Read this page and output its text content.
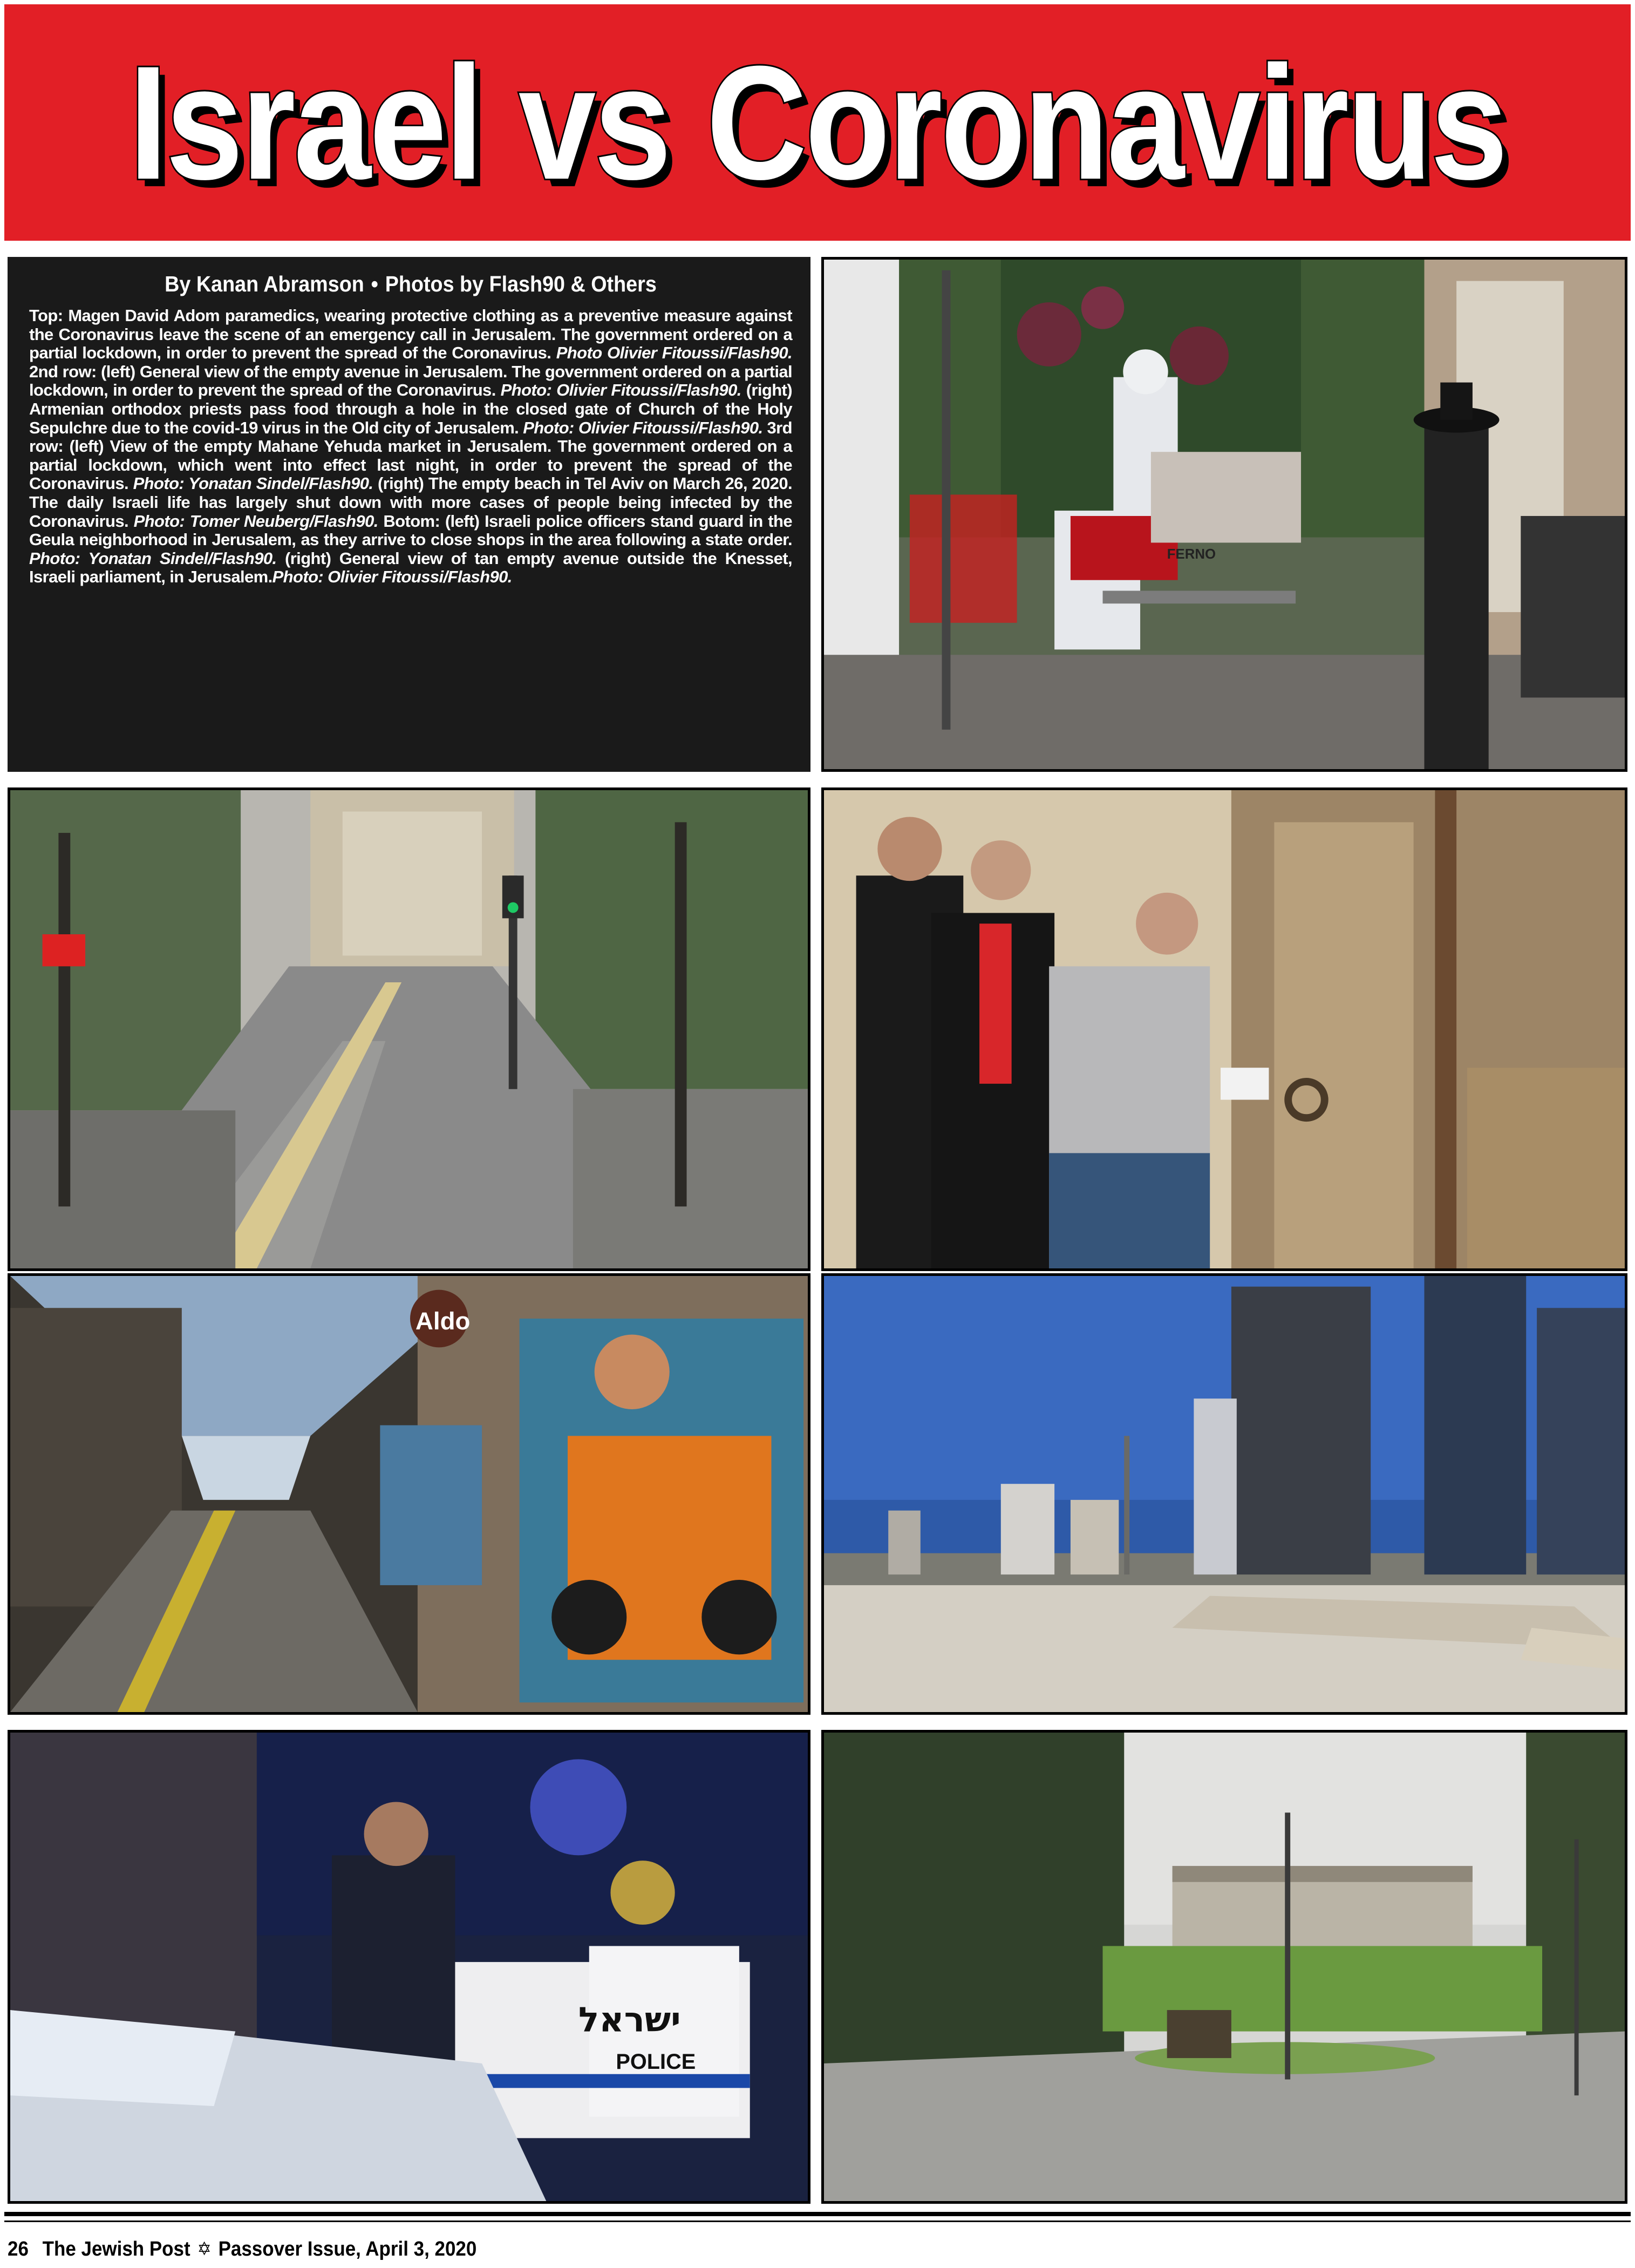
Israel vs Coronavirus
By Kanan Abramson • Photos by Flash90 & Others
Top: Magen David Adom paramedics, wearing protective clothing as a preventive measure against the Coronavirus leave the scene of an emergency call in Jerusalem. The government ordered on a partial lockdown, in order to prevent the spread of the Coronavirus. Photo Olivier Fitoussi/Flash90. 2nd row: (left) General view of the empty avenue in Jerusalem. The government ordered on a partial lockdown, in order to prevent the spread of the Coronavirus. Photo: Olivier Fitoussi/Flash90. (right) Armenian orthodox priests pass food through a hole in the closed gate of Church of the Holy Sepulchre due to the covid-19 virus in the Old city of Jerusalem. Photo: Olivier Fitoussi/Flash90. 3rd row: (left) View of the empty Mahane Yehuda market in Jerusalem. The government ordered on a partial lockdown, which went into effect last night, in order to prevent the spread of the Coronavirus. Photo: Yonatan Sindel/Flash90. (right) The empty beach in Tel Aviv on March 26, 2020. The daily Israeli life has largely shut down with more cases of people being infected by the Coronavirus. Photo: Tomer Neuberg/Flash90. Botom: (left) Israeli police officers stand guard in the Geula neighborhood in Jerusalem, as they arrive to close shops in the area following a state order. Photo: Yonatan Sindel/Flash90. (right) General view of tan empty avenue outside the Knesset, Israeli parliament, in Jerusalem.Photo: Olivier Fitoussi/Flash90.
FERNO
Aldo
ישראל
POLICE
26 The Jewish Post ✡ Passover Issue, April 3, 2020
